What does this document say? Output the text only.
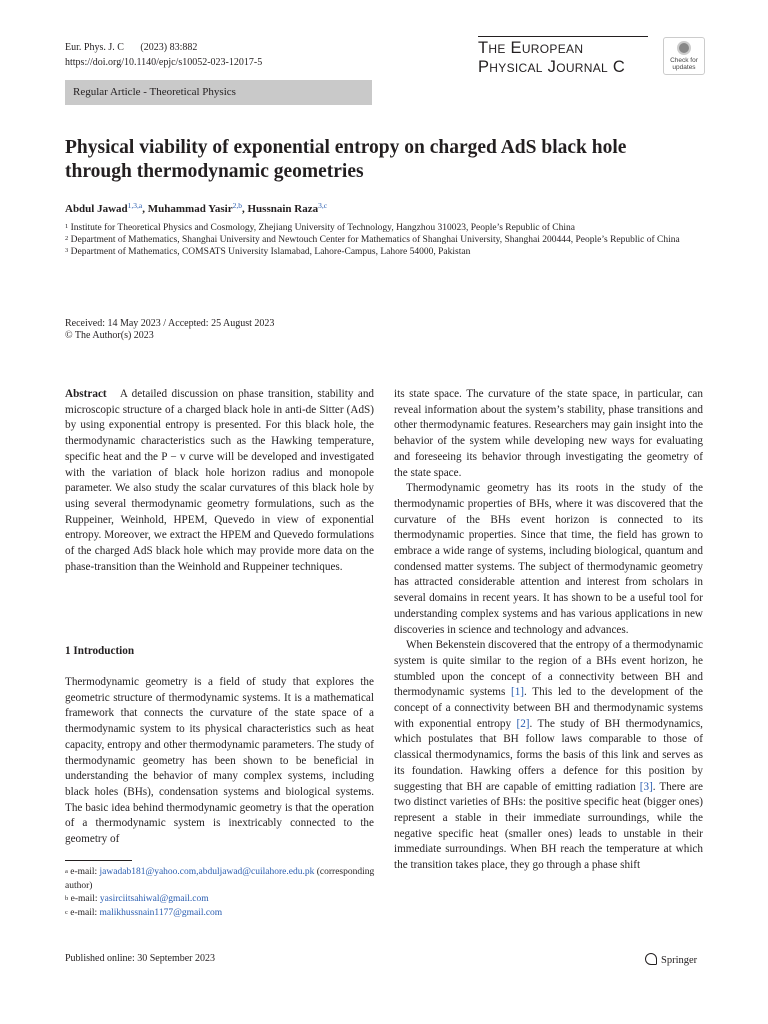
Eur. Phys. J. C (2023) 83:882
https://doi.org/10.1140/epjc/s10052-023-12017-5
The European
Physical Journal C	Check for
updates
Regular Article - Theoretical Physics
Physical viability of exponential entropy on charged AdS black hole through thermodynamic geometries
Abdul Jawad$^{1,3,a}$, Muhammad Yasir$^{2,b}$, Hussnain Raza$^{3,c}$
$^1$ Institute for Theoretical Physics and Cosmology, Zhejiang University of Technology, Hangzhou 310023, People’s Republic of China
$^2$ Department of Mathematics, Shanghai University and Newtouch Center for Mathematics of Shanghai University, Shanghai 200444, People’s Republic of China
$^3$ Department of Mathematics, COMSATS University Islamabad, Lahore-Campus, Lahore 54000, Pakistan
Received: 14 May 2023 / Accepted: 25 August 2023
© The Author(s) 2023

Abstract A detailed discussion on phase transition, stability and microscopic structure of a charged black hole in anti-de Sitter (AdS) by using exponential entropy is presented. For this black hole, the thermodynamic characteristics such as the Hawking temperature, specific heat and the P − v curve will be developed and investigated with the variation of black hole horizon radius and monopole parameter. We also study the scalar curvatures of this black hole by using several thermodynamic geometry formulations, such as the Ruppeiner, Weinhold, HPEM, Quevedo in view of exponential entropy. Moreover, we extract the HPEM and Quevedo formulations of the charged AdS black hole which may provide more data on the phase-transition than the Weinhold and Ruppeiner techniques.

1 Introduction

Thermodynamic geometry is a field of study that explores the geometric structure of thermodynamic systems. It is a mathematical framework that connects the curvature of the state space of a thermodynamic system to its physical characteristics such as heat capacity, entropy and other thermodynamic parameters. The study of thermodynamic geometry has been shown to be beneficial in understanding the behavior of many complex systems, including black holes (BHs), condensation systems and biological systems. The basic idea behind thermodynamic geometry is that the operation of a thermodynamic system is inextricably connected to the geometry of

$^a$ e-mail: jawadab181@yahoo.com,abduljawad@cuilahore.edu.pk (corresponding author)
$^b$ e-mail: yasirciitsahiwal@gmail.com
$^c$ e-mail: malikhussnain1177@gmail.com

its state space. The curvature of the state space, in particular, can reveal information about the system’s stability, phase transitions and other thermodynamic features. Researchers may gain insight into the behavior of the system while developing new ways for evaluating and foreseeing its behavior through investigating the geometry of the state space.

Thermodynamic geometry has its roots in the study of the thermodynamic properties of BHs, where it was discovered that the curvature of the BHs event horizon is connected to its thermodynamic properties. Since that time, the field has grown to embrace a wide range of systems, including biological, quantum and condensed matter systems. The subject of thermodynamic geometry has attracted considerable attention and interest from scholars in several domains in recent years. It has shown to be a useful tool for understanding complex systems and has various applications in new discoveries in science and technology and advances.

When Bekenstein discovered that the entropy of a thermodynamic system is quite similar to the region of a BHs event horizon, he stumbled upon the concept of a connectivity between BH and thermodynamic systems [1]. This led to the development of the concept of a connectivity between BH and thermodynamic systems with exponential entropy [2]. The study of BH thermodynamics, which postulates that BH follow laws comparable to those of classical thermodynamics, forms the basis of this link and serves as its foundation. Hawking offers a defence for this position by suggesting that BH are capable of emitting radiation [3]. There are two distinct varieties of BHs: the positive specific heat (bigger ones) represent a stable in their immediate surroundings, while the negative specific heat (smaller ones) leads to unstable in their immediate surroundings. When BH reach the temperature at which the transition takes place, they go through a phase shift

Published online: 30 September 2023	Springer
